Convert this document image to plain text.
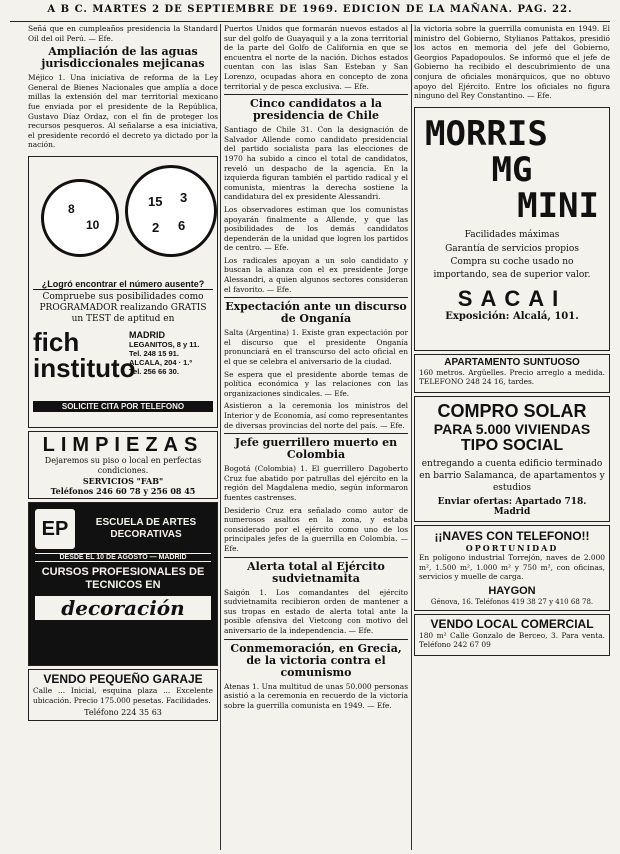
A B C. MARTES 2 DE SEPTIEMBRE DE 1969. EDICION DE LA MAÑANA. PAG. 22.

Señá que en cumpleaños presidencia la Standard Oil del oil Perú. — Efe.

Ampliación de las aguas jurisdiccionales mejicanas

Méjico 1. Una iniciativa de reforma de la Ley General de Bienes Nacionales que amplía a doce millas la extensión del mar territorial mexicano fue enviada por el presidente de la República, Gustavo Díaz Ordaz, con el fin de proteger los recursos pesqueros. Al señalarse a esa iniciativa, el presidente recordó el decreto ya dictado por la nación.

8
10
15 3
6
2
¿Logró encontrar el número ausente?
Compruebe sus posibilidades como PROGRAMADOR realizando GRATIS un TEST de aptitud en
fich instituto
MADRID
LEGANITOS, 8 y 11.
Tel. 248 15 91.
ALCALA, 204 · 1.º
Tel. 256 66 30.
SOLICITE CITA POR TELEFONO
LIMPIEZAS
Dejaremos su piso o local en perfectas condiciones.
SERVICIOS "FAB"
Teléfonos 246 60 78 y 256 08 45
EP	ESCUELA DE ARTES DECORATIVAS
DESDE EL 10 DE AGOSTO — MADRID
CURSOS PROFESIONALES DE TECNICOS EN
decoración
VENDO PEQUEÑO GARAJE

Calle ... Inicial, esquina plaza ... Excelente ubicación. Precio 175.000 pesetas. Facilidades.

Teléfono 224 35 63

Puertos Unidos que formarán nuevos estados al sur del golfo de Guayaquil y a la zona territorial de la parte del Golfo de California en que se encuentra el norte de la nación. Dichos estados cuentan con las islas San Esteban y San Lorenzo, ocupadas ahora en concepto de zona territorial y de pesca exclusiva. — Efe.

Cinco candidatos a la presidencia de Chile

Santiago de Chile 31. Con la designación de Salvador Allende como candidato presidencial del partido socialista para las elecciones de 1970 ha subido a cinco el total de candidatos, reveló un despacho de la agencia. En la izquierda figuran también el partido radical y el comunista, mientras la derecha sostiene la candidatura del ex presidente Alessandri.

Los observadores estiman que los comunistas apoyarán finalmente a Allende, y que las posibilidades de los demás candidatos dependerán de la unidad que logren los partidos de centro. — Efe.

Los radicales apoyan a un solo candidato y buscan la alianza con el ex presidente Jorge Alessandri, a quien algunos sectores consideran el favorito. — Efe.

Expectación ante un discurso de Onganía

Salta (Argentina) 1. Existe gran expectación por el discurso que el presidente Onganía pronunciará en el transcurso del acto oficial en el que se celebra el aniversario de la ciudad.

Se espera que el presidente aborde temas de política económica y las relaciones con las organizaciones sindicales. — Efe.

Asistieron a la ceremonia los ministros del Interior y de Economía, así como representantes de diversas provincias del norte del país. — Efe.

Jefe guerrillero muerto en Colombia

Bogotá (Colombia) 1. El guerrillero Dagoberto Cruz fue abatido por patrullas del ejército en la región del Magdalena medio, según informaron fuentes castrenses.

Desiderio Cruz era señalado como autor de numerosos asaltos en la zona, y estaba considerado por el ejército como uno de los principales jefes de la guerrilla en Colombia. — Efe.

Alerta total al Ejército sudvietnamita

Saigón 1. Los comandantes del ejército sudvietnamita recibieron orden de mantener a sus tropas en estado de alerta total ante la posible ofensiva del Vietcong con motivo del aniversario de la independencia. — Efe.

Conmemoración, en Grecia, de la victoria contra el comunismo

Atenas 1. Una multitud de unas 50.000 personas asistió a la ceremonia en recuerdo de la victoria sobre la guerrilla comunista en 1949. — Efe.

la victoria sobre la guerrilla comunista en 1949. El ministro del Gobierno, Stylianos Pattakos, presidió los actos en memoria del jefe del Gobierno, Georgios Papadopoulos. Se informó que el jefe de Gobierno ha recibido el descubrimiento de una conjura de oficiales monárquicos, que no obtuvo apoyo del Ejército. Entre los oficiales no figura ninguno del Rey Constantino. — Efe.

MORRIS
MG
MINI
Facilidades máximas
Garantía de servicios propios
Compra su coche usado no importando, sea de superior valor.
SACAI
Exposición: Alcalá, 101.
APARTAMENTO SUNTUOSO

160 metros. Argüelles. Precio arreglo a medida. TELEFONO 248 24 16, tardes.

COMPRO SOLAR
PARA 5.000 VIVIENDAS
TIPO SOCIAL
entregando a cuenta edificio terminado en barrio Salamanca, de apartamentos y estudios
Enviar ofertas: Apartado 718. Madrid
¡¡NAVES CON TELEFONO!!
OPORTUNIDAD

En polígono industrial Torrejón, naves de 2.000 m², 1.500 m², 1.000 m² y 750 m², con oficinas, servicios y muelle de carga.

HAYGON
Génova, 16. Teléfonos 419 38 27 y 410 68 78.
VENDO LOCAL COMERCIAL

180 m² Calle Gonzalo de Berceo, 3. Para venta. Teléfono 242 67 09
